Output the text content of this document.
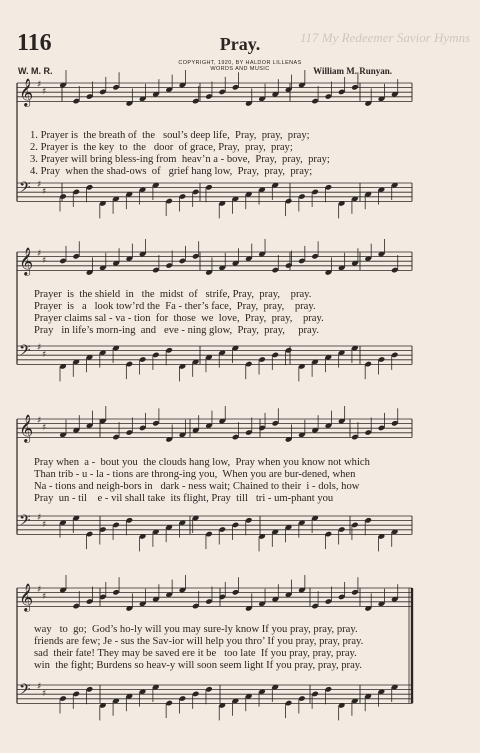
116	Pray.
COPYRIGHT, 1920, BY HALDOR LILLENAS
WORDS AND MUSIC
W. M. R.	William M. Runyan.
117 My Redeemer Savior Hymns
𝄞 ♯
♯
𝄢 ♯
♯
𝄞 ♯
♯
𝄢 ♯
♯
𝄞 ♯
♯
𝄢 ♯
♯
𝄞 ♯
♯
𝄢 ♯
♯
1. Prayer is  the breath of  the   soul’s deep life,  Pray,  pray,  pray;
2. Prayer is  the key  to  the   door  of grace, Pray,  pray,  pray;
3. Prayer will bring bless-ing from  heav’n a - bove,  Pray,  pray,  pray;
4. Pray  when the shad-ows  of   grief hang low,  Pray,  pray,  pray;
Prayer  is  the shield  in   the  midst  of   strife, Pray,  pray,    pray.
Prayer  is   a   look tow’rd the  Fa - ther’s face,  Pray,  pray,    pray.
Prayer claims sal - va - tion  for  those  we  love,  Pray,  pray,    pray.
Pray   in life’s morn-ing  and   eve - ning glow,  Pray,  pray,     pray.
Pray when  a -  bout you  the clouds hang low,  Pray when you know not which
Than trib - u - la - tions are throng-ing you,  When you are bur-dened, when
Na - tions and neigh-bors in   dark - ness wait; Chained to their  i - dols, how
Pray  un - til    e - vil shall take  its flight, Pray  till   tri - um-phant you
way   to  go;  God’s ho-ly will you may sure-ly know If you pray, pray, pray.
friends are few; Je - sus the Sav-ior will help you thro’ If you pray, pray, pray.
sad  their fate! They may be saved ere it be   too late  If you pray, pray, pray.
win  the fight; Burdens so heav-y will soon seem light If you pray, pray, pray.
